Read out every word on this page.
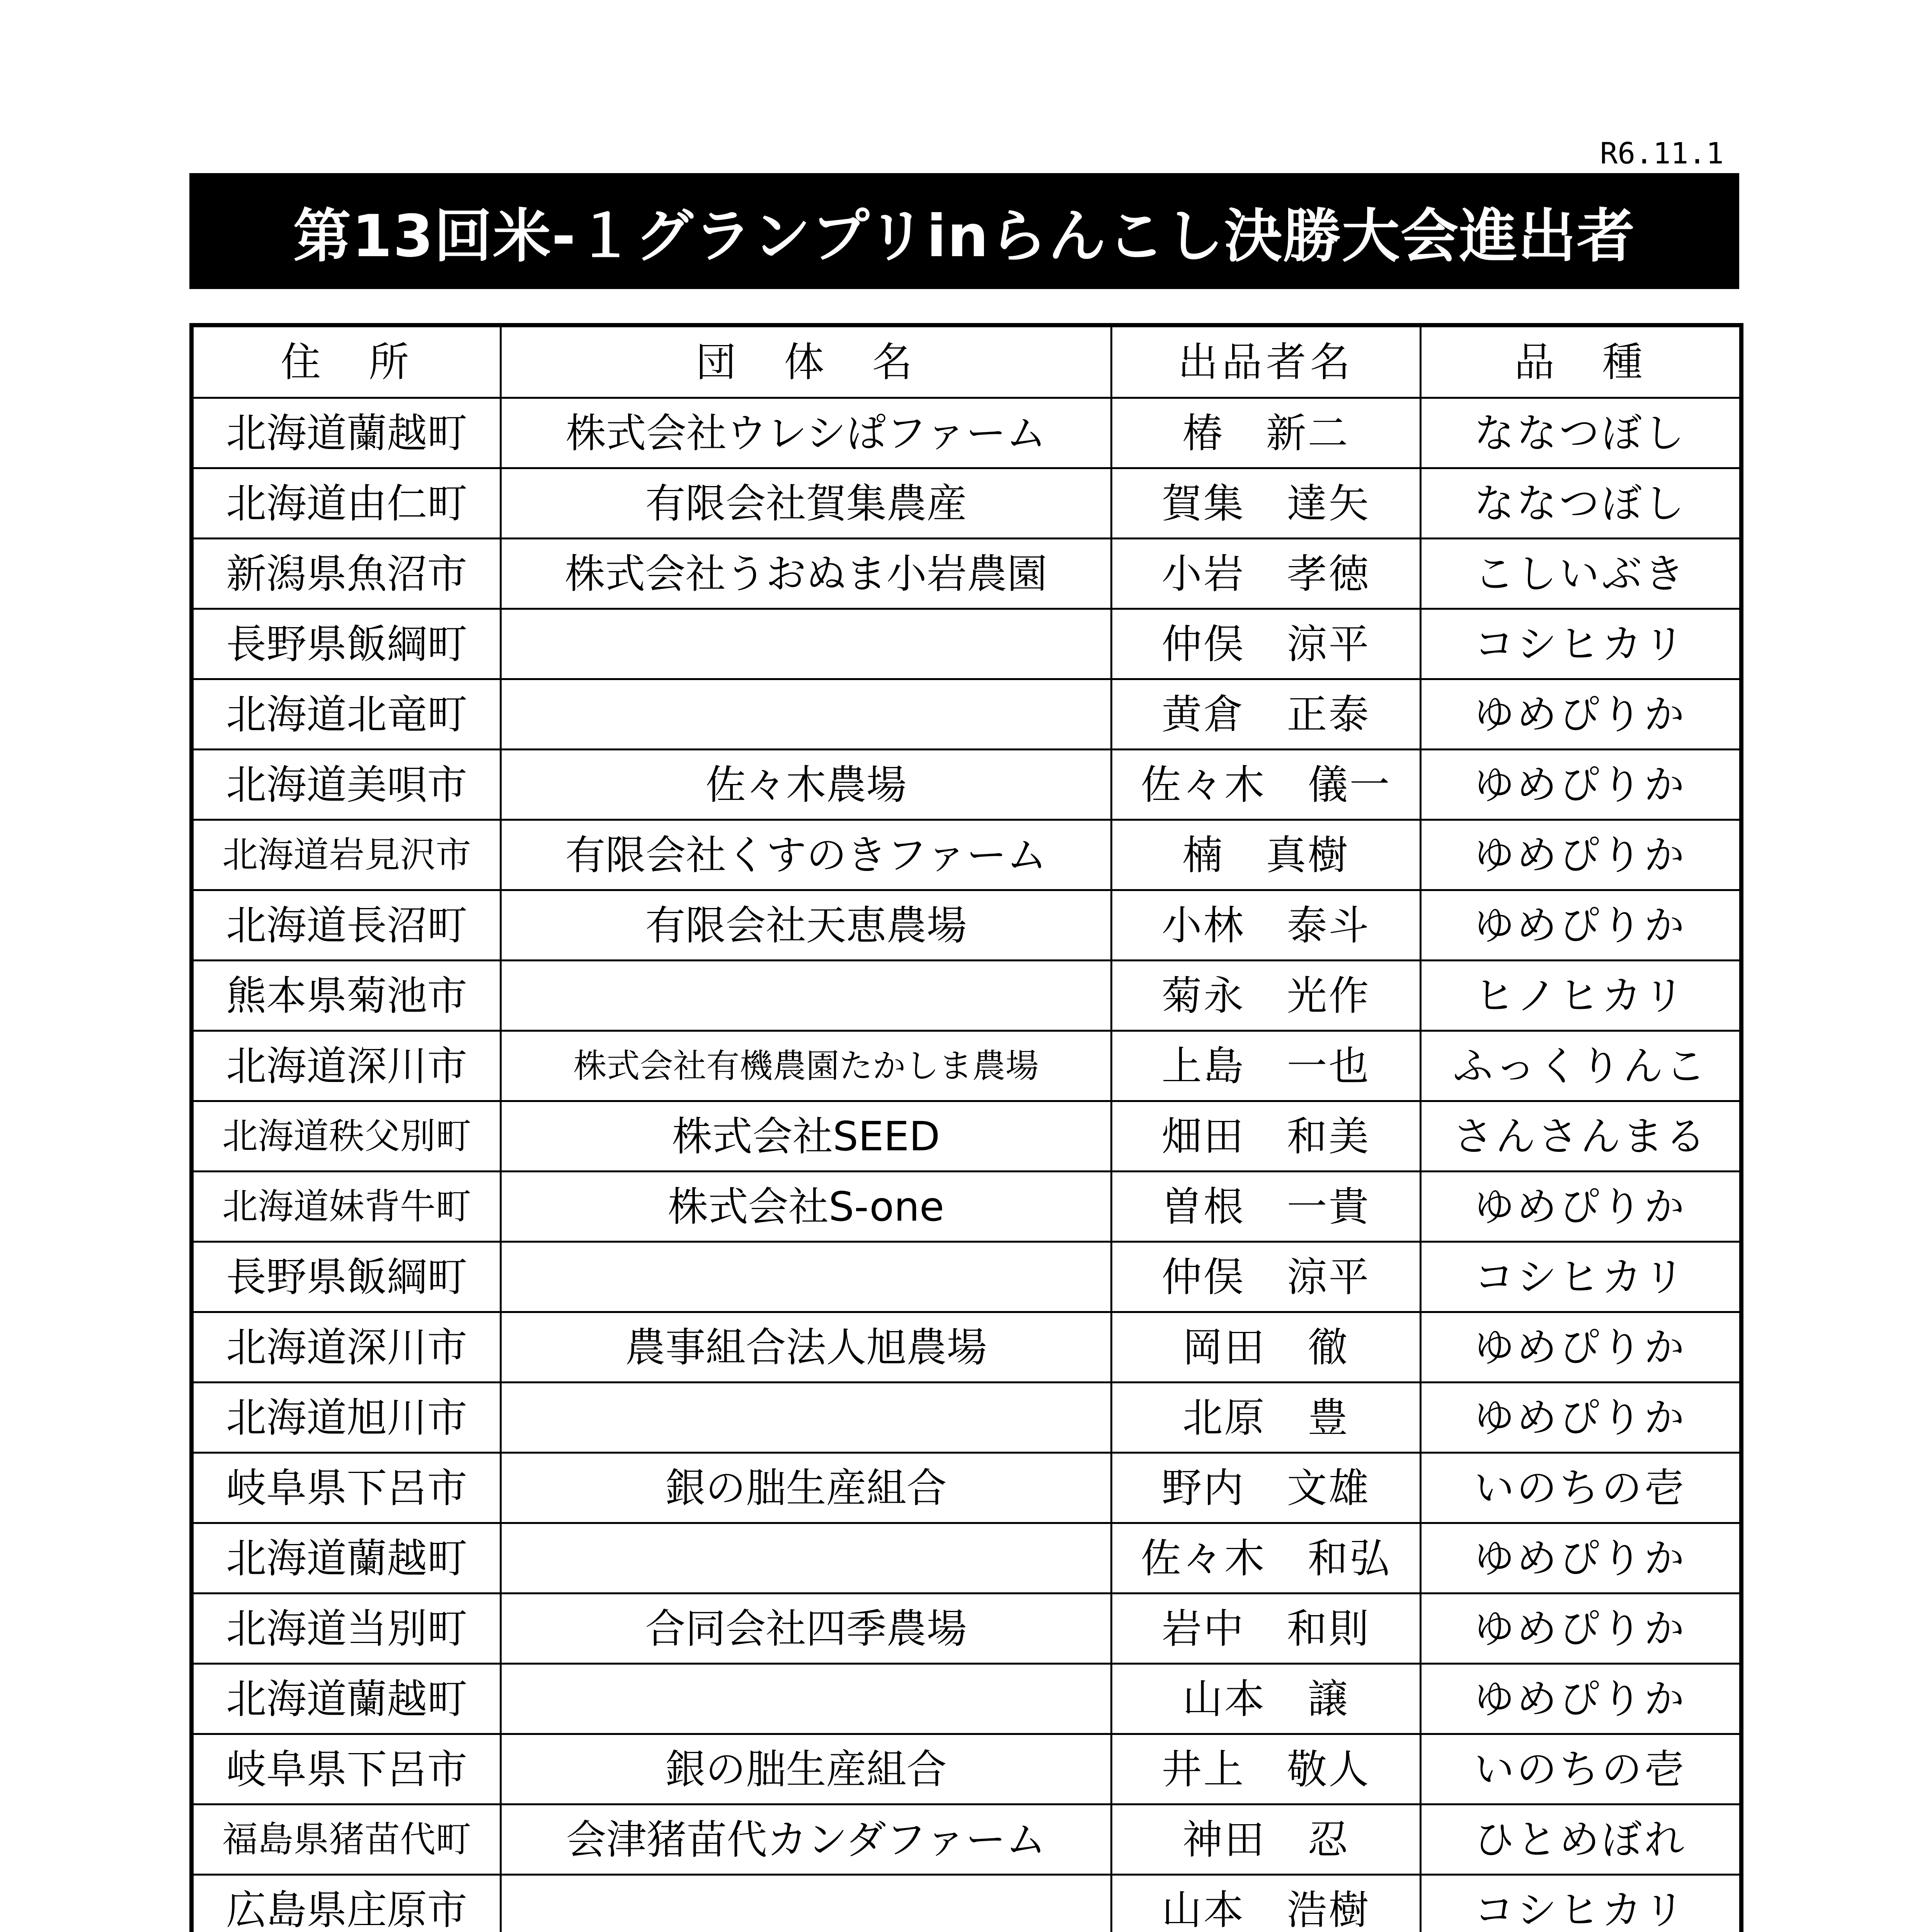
R6.11.1
第13回米-１グランプリinらんこし決勝大会進出者
住　所	団　体　名	出品者名	品　種
北海道蘭越町	株式会社ウレシぱファーム	椿　新二	ななつぼし
北海道由仁町	有限会社賀集農産	賀集　達矢	ななつぼし
新潟県魚沼市	株式会社うおぬま小岩農園	小岩　孝徳	こしいぶき
長野県飯綱町		仲俣　涼平	コシヒカリ
北海道北竜町		黄倉　正泰	ゆめぴりか
北海道美唄市	佐々木農場	佐々木　儀一	ゆめぴりか
北海道岩見沢市	有限会社くすのきファーム	楠　真樹	ゆめぴりか
北海道長沼町	有限会社天恵農場	小林　泰斗	ゆめぴりか
熊本県菊池市		菊永　光作	ヒノヒカリ
北海道深川市	株式会社有機農園たかしま農場	上島　一也	ふっくりんこ
北海道秩父別町	株式会社SEED	畑田　和美	さんさんまる
北海道妹背牛町	株式会社S-one	曽根　一貴	ゆめぴりか
長野県飯綱町		仲俣　涼平	コシヒカリ
北海道深川市	農事組合法人旭農場	岡田　徹	ゆめぴりか
北海道旭川市		北原　豊	ゆめぴりか
岐阜県下呂市	銀の朏生産組合	野内　文雄	いのちの壱
北海道蘭越町		佐々木　和弘	ゆめぴりか
北海道当別町	合同会社四季農場	岩中　和則	ゆめぴりか
北海道蘭越町		山本　譲	ゆめぴりか
岐阜県下呂市	銀の朏生産組合	井上　敬人	いのちの壱
福島県猪苗代町	会津猪苗代カンダファーム	神田　忍	ひとめぼれ
広島県庄原市		山本　浩樹	コシヒカリ
